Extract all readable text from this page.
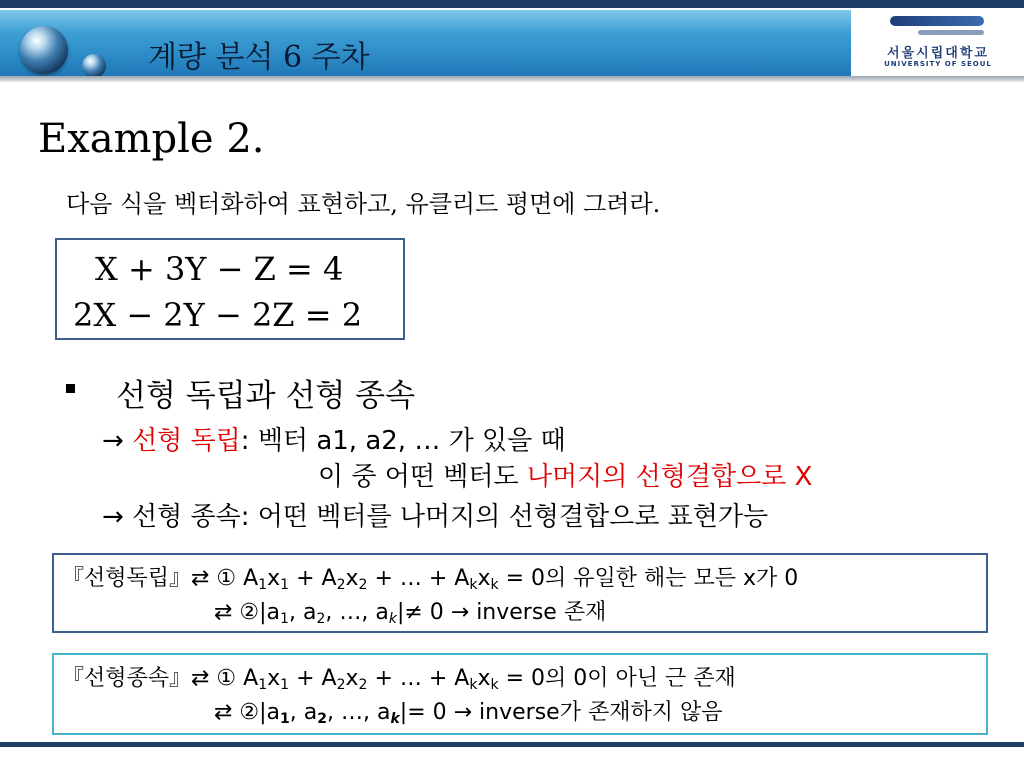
계량 분석 6 주차	서울시립대학교
UNIVERSITY OF SEOUL
Example 2.
다음 식을 벡터화하여 표현하고, 유클리드 평면에 그려라.
X + 3Y − Z = 4
2X − 2Y − 2Z = 2
선형 독립과 선형 종속
→ 선형 독립: 벡터 a1, a2, … 가 있을 때
이 중 어떤 벡터도 나머지의 선형결합으로 X
→ 선형 종속: 어떤 벡터를 나머지의 선형결합으로 표현가능
『선형독립』⇄ ① $A_1x_1 + A_2x_2$ + … + $A_kx_k = 0$의 유일한 해는 모든 x가 0
⇄ $②|a_1$, $a_2$, …, $a_k|\ne 0$ → inverse 존재
『선형종속』⇄ ① $A_1x_1 + A_2x_2$ + … + $A_kx_k = 0$의 0이 아닌 근 존재
⇄ $②|a_1$, $a_2$, …, $a_k|= 0$ → inverse가 존재하지 않음
